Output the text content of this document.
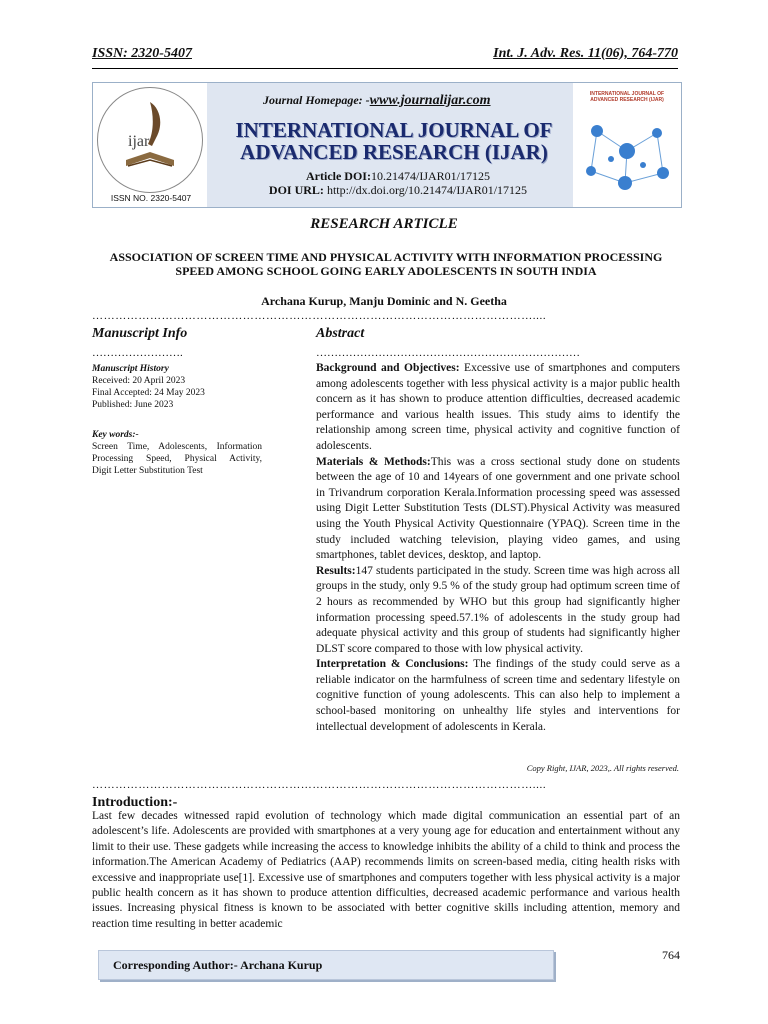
ISSN: 2320-5407	Int. J. Adv. Res. 11(06), 764-770
ijar
ISSN NO. 2320-5407
Journal Homepage: -www.journalijar.com
INTERNATIONAL JOURNAL OF
ADVANCED RESEARCH (IJAR)
Article DOI:10.21474/IJAR01/17125
DOI URL: http://dx.doi.org/10.21474/IJAR01/17125
INTERNATIONAL JOURNAL OF ADVANCED RESEARCH (IJAR)
RESEARCH ARTICLE
ASSOCIATION OF SCREEN TIME AND PHYSICAL ACTIVITY WITH INFORMATION PROCESSING
SPEED AMONG SCHOOL GOING EARLY ADOLESCENTS IN SOUTH INDIA
Archana Kurup, Manju Dominic and N. Geetha
……………………………………………………………………………………………………....
Manuscript Info	Abstract
…………………….	………………………………………………………………
Manuscript History
Received: 20 April 2023
Final Accepted: 24 May 2023
Published: June 2023
Key words:-
Screen Time, Adolescents, Information
Processing Speed, Physical Activity,
Digit Letter Substitution Test

Background and Objectives: Excessive use of smartphones and computers among adolescents together with less physical activity is a major public health concern as it has shown to produce attention difficulties, decreased academic performance and various health issues. This study aims to identify the relationship among screen time, physical activity and cognitive function of adolescents.

Materials & Methods:This was a cross sectional study done on students between the age of 10 and 14years of one government and one private school in Trivandrum corporation Kerala.Information processing speed was assessed using Digit Letter Substitution Tests (DLST).Physical Activity was measured using the Youth Physical Activity Questionnaire (YPAQ). Screen time in the study included watching television, playing video games, and using smartphones, tablet devices, desktop, and laptop.

Results:147 students participated in the study. Screen time was high across all groups in the study, only 9.5 % of the study group had optimum screen time of 2 hours as recommended by WHO but this group had significantly higher information processing speed.57.1% of adolescents in the study group had adequate physical activity and this group of students had significantly higher DLST score compared to those with low physical activity.

Interpretation & Conclusions: The findings of the study could serve as a reliable indicator on the harmfulness of screen time and sedentary lifestyle on cognitive function of young adolescents. This can also help to implement a school-based monitoring on unhealthy life styles and interventions for intellectual development of adolescents in Kerala.

Copy Right, IJAR, 2023,. All rights reserved.
……………………………………………………………………………………………………....
Introduction:-

Last few decades witnessed rapid evolution of technology which made digital communication an essential part of an adolescent’s life. Adolescents are provided with smartphones at a very young age for education and entertainment without any limit to their use. These gadgets while increasing the access to knowledge inhibits the ability of a child to think and process the information.The American Academy of Pediatrics (AAP) recommends limits on screen-based media, citing health risks with excessive and inappropriate use[1]. Excessive use of smartphones and computers together with less physical activity is a major public health concern as it has shown to produce attention difficulties, decreased academic performance and various health issues. Increasing physical fitness is known to be associated with better cognitive skills including attention, memory and reaction time resulting in better academic

764
Corresponding Author:- Archana Kurup
